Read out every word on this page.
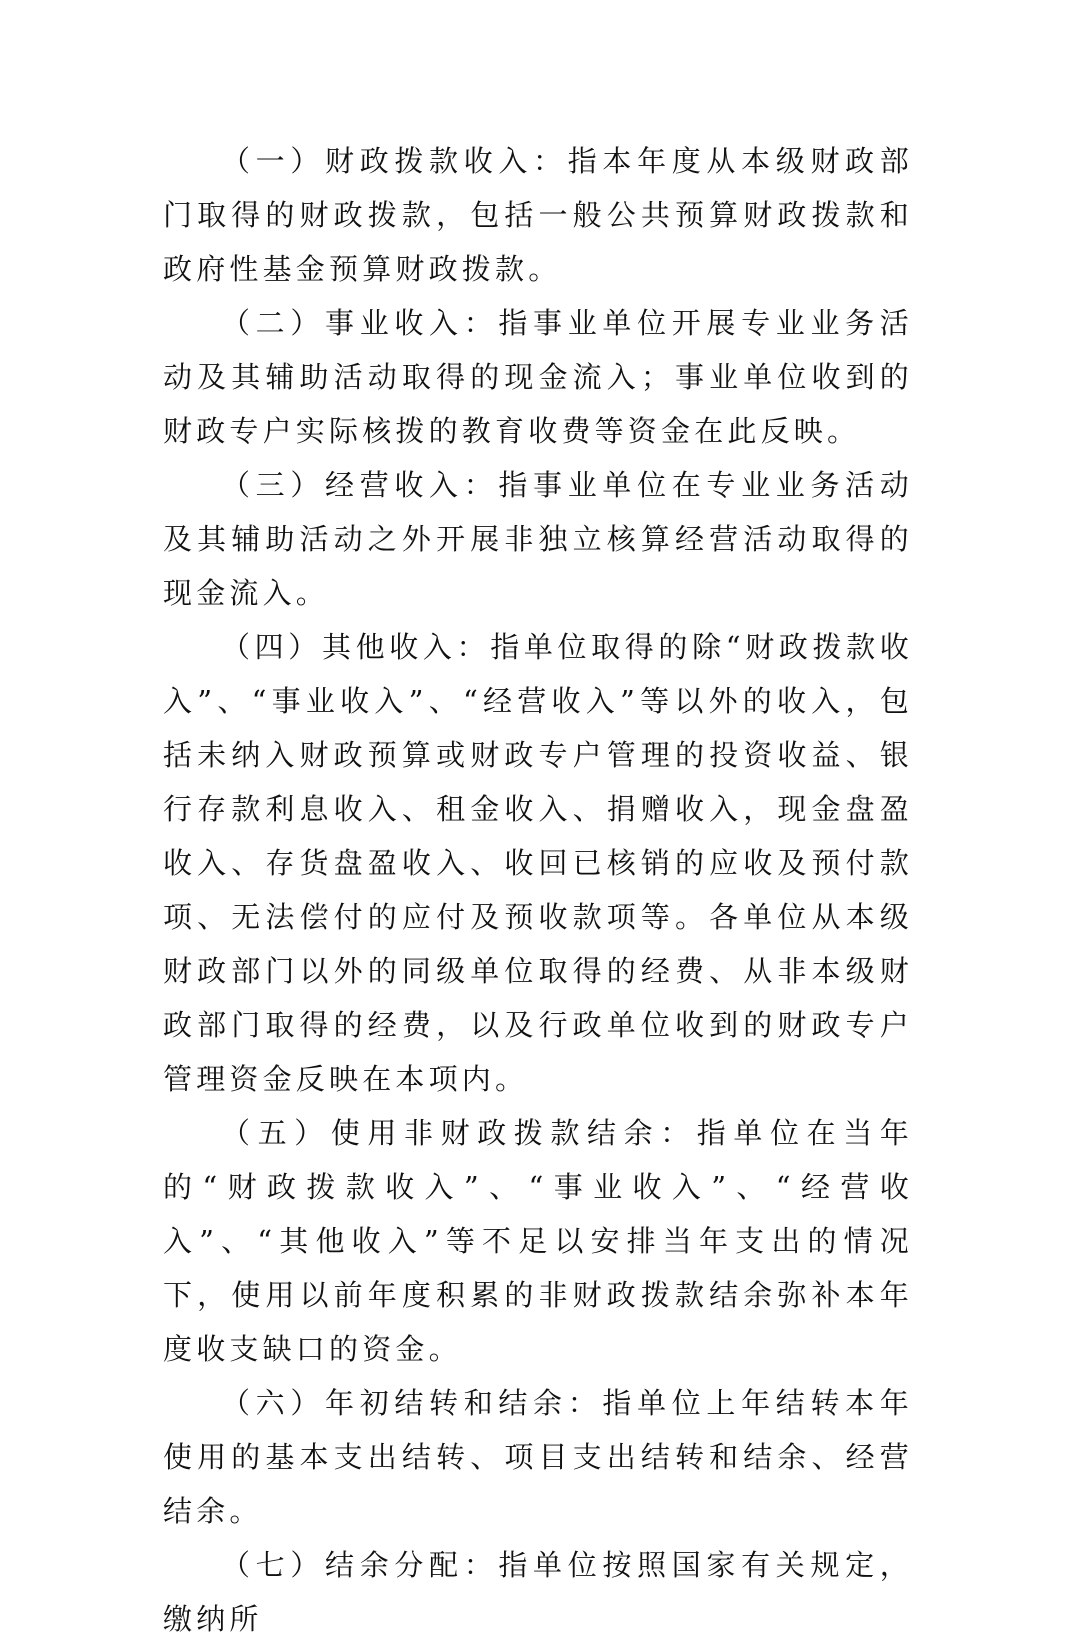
（一）财政拨款收入：指本年度从本级财政部门取得的财政拨款，包括一般公共预算财政拨款和政府性基金预算财政拨款。

（二）事业收入：指事业单位开展专业业务活动及其辅助活动取得的现金流入；事业单位收到的财政专户实际核拨的教育收费等资金在此反映。

（三）经营收入：指事业单位在专业业务活动及其辅助活动之外开展非独立核算经营活动取得的现金流入。

（四）其他收入：指单位取得的除“财政拨款收入”、“事业收入”、“经营收入”等以外的收入，包括未纳入财政预算或财政专户管理的投资收益、银行存款利息收入、租金收入、捐赠收入，现金盘盈收入、存货盘盈收入、收回已核销的应收及预付款项、无法偿付的应付及预收款项等。各单位从本级财政部门以外的同级单位取得的经费、从非本级财政部门取得的经费，以及行政单位收到的财政专户管理资金反映在本项内。

（五）使用非财政拨款结余：指单位在当年的“财政拨款收入”、“事业收入”、“经营收入”、“其他收入”等不足以安排当年支出的情况下，使用以前年度积累的非财政拨款结余弥补本年度收支缺口的资金。

（六）年初结转和结余：指单位上年结转本年使用的基本支出结转、项目支出结转和结余、经营结余。

（七）结余分配：指单位按照国家有关规定，缴纳所
